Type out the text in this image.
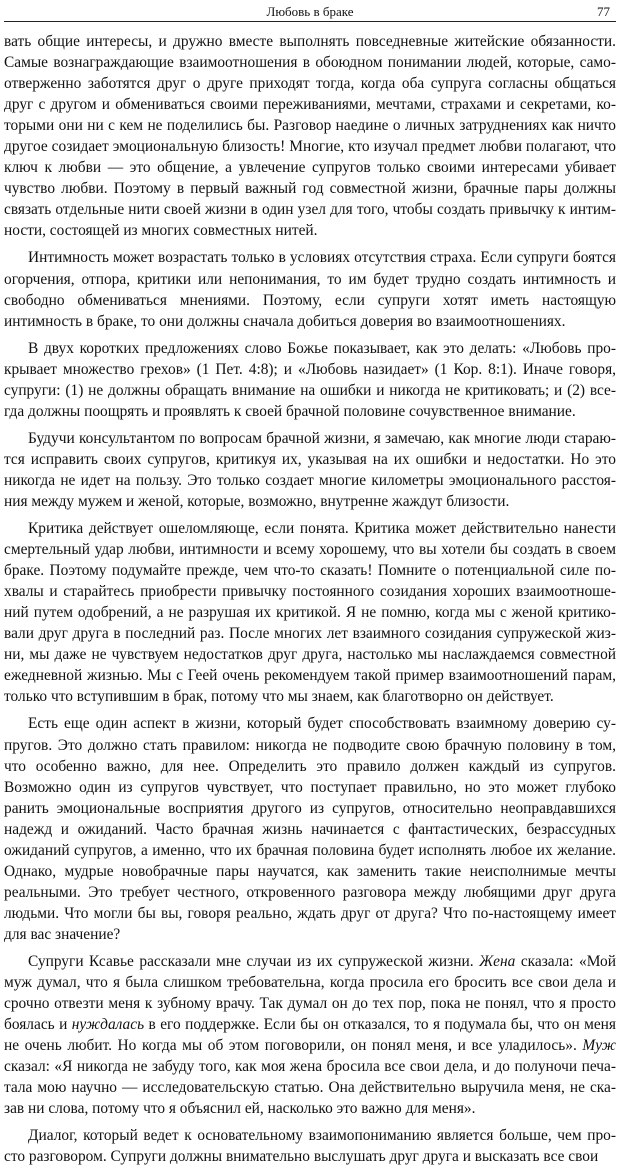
Любовь в браке	77

вать общие интересы, и дружно вместе выполнять повседневные житейские обязанности. Самые вознаграждающие взаимоотношения в обоюдном понимании людей, которые, самоотверженно заботятся друг о друге приходят тогда, когда оба супруга согласны общаться друг с другом и обмениваться своими переживаниями, мечтами, страхами и секретами, которыми они ни с кем не поделились бы. Разговор наедине о личных затруднениях как ничто другое созидает эмоциональную близость! Многие, кто изучал предмет любви полагают, что ключ к любви — это общение, а увлечение супругов только своими интересами убивает чувство любви. Поэтому в первый важный год совместной жизни, брачные пары должны связать отдельные нити своей жизни в один узел для того, чтобы создать привычку к интимности, состоящей из многих совместных нитей.

Интимность может возрастать только в условиях отсутствия страха. Если супруги боятся огорчения, отпора, критики или непонимания, то им будет трудно создать интимность и свободно обмениваться мнениями. Поэтому, если супруги хотят иметь настоящую интимность в браке, то они должны сначала добиться доверия во взаимоотношениях.

В двух коротких предложениях слово Божье показывает, как это делать: «Любовь прокрывает множество грехов» (1 Пет. 4:8); и «Любовь назидает» (1 Кор. 8:1). Иначе говоря, супруги: (1) не должны обращать внимание на ошибки и никогда не критиковать; и (2) всегда должны поощрять и проявлять к своей брачной половине сочувственное внимание.

Будучи консультантом по вопросам брачной жизни, я замечаю, как многие люди стараются исправить своих супругов, критикуя их, указывая на их ошибки и недостатки. Но это никогда не идет на пользу. Это только создает многие километры эмоционального расстояния между мужем и женой, которые, возможно, внутренне жаждут близости.

Критика действует ошеломляюще, если понята. Критика может действительно нанести смертельный удар любви, интимности и всему хорошему, что вы хотели бы создать в своем браке. Поэтому подумайте прежде, чем что-то сказать! Помните о потенциальной силе похвалы и старайтесь приобрести привычку постоянного созидания хороших взаимоотношений путем одобрений, а не разрушая их критикой. Я не помню, когда мы с женой критиковали друг друга в последний раз. После многих лет взаимного созидания супружеской жизни, мы даже не чувствуем недостатков друг друга, настолько мы наслаждаемся совместной ежедневной жизнью. Мы с Геей очень рекомендуем такой пример взаимоотношений парам, только что вступившим в брак, потому что мы знаем, как благотворно он действует.

Есть еще один аспект в жизни, который будет способствовать взаимному доверию супругов. Это должно стать правилом: никогда не подводите свою брачную половину в том, что особенно важно, для нее. Определить это правило должен каждый из супругов. Возможно один из супругов чувствует, что поступает правильно, но это может глубоко ранить эмоциональные восприятия другого из супругов, относительно неоправдавшихся надежд и ожиданий. Часто брачная жизнь начинается с фантастических, безрассудных ожиданий супругов, а именно, что их брачная половина будет исполнять любое их желание. Однако, мудрые новобрачные пары научатся, как заменить такие неисполнимые мечты реальными. Это требует честного, откровенного разговора между любящими друг друга людьми. Что могли бы вы, говоря реально, ждать друг от друга? Что по-настоящему имеет для вас значение?

Супруги Ксавье рассказали мне случаи из их супружеской жизни. Жена сказала: «Мой муж думал, что я была слишком требовательна, когда просила его бросить все свои дела и срочно отвезти меня к зубному врачу. Так думал он до тех пор, пока не понял, что я просто боялась и нуждалась в его поддержке. Если бы он отказался, то я подумала бы, что он меня не очень любит. Но когда мы об этом поговорили, он понял меня, и все уладилось». Муж сказал: «Я никогда не забуду того, как моя жена бросила все свои дела, и до полуночи печатала мою научно — исследовательскую статью. Она действительно выручила меня, не сказав ни слова, потому что я объяснил ей, насколько это важно для меня».

Диалог, который ведет к основательному взаимопониманию является больше, чем просто разговором. Супруги должны внимательно выслушать друг друга и высказать все свои
